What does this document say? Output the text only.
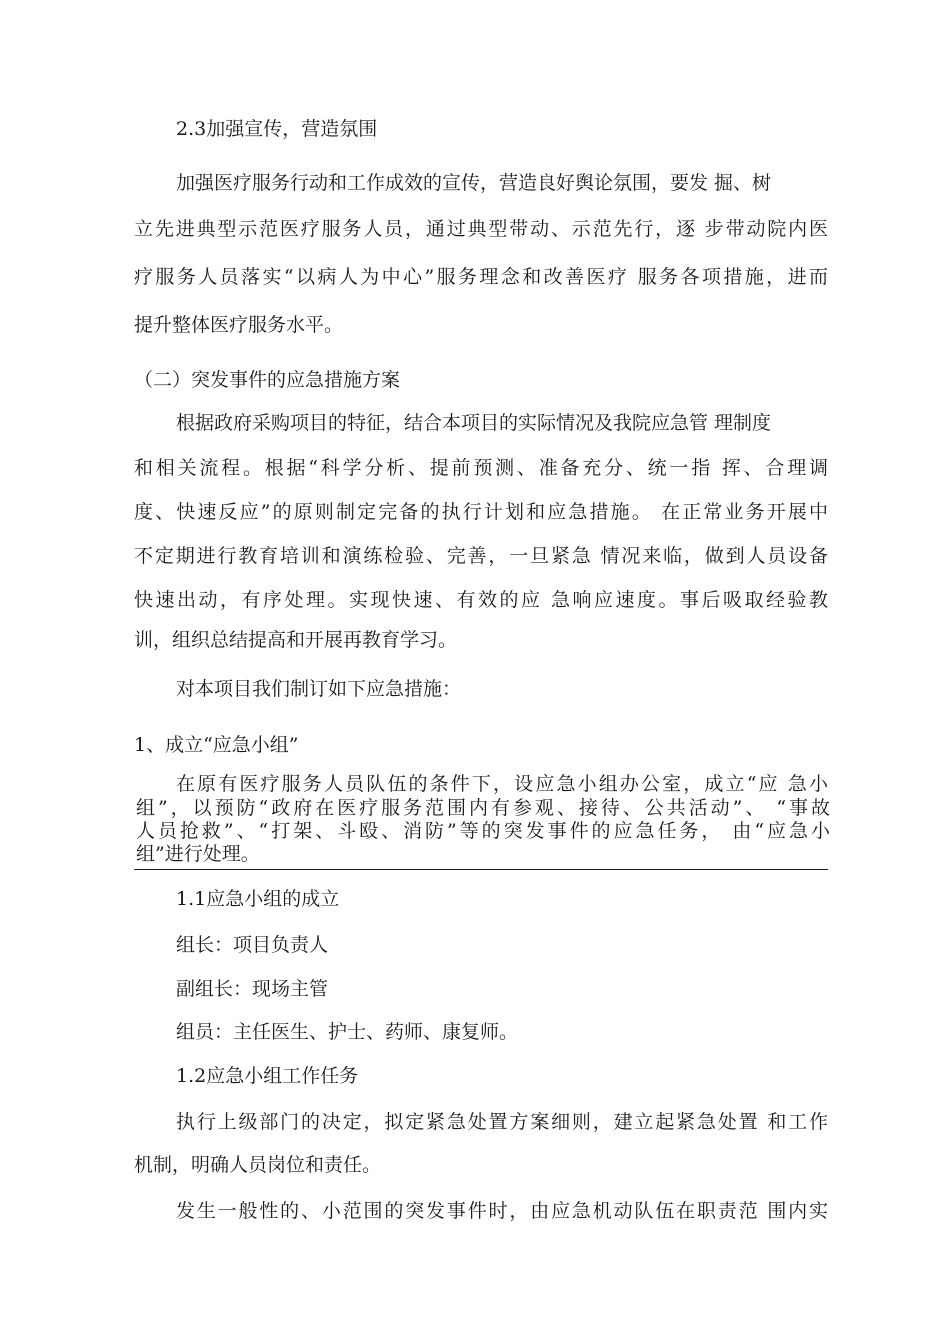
2.3加强宣传，营造氛围
加强医疗服务行动和工作成效的宣传，营造良好舆论氛围，要发 掘、树
立先进典型示范医疗服务人员，通过典型带动、示范先行，逐 步带动院内医
疗服务人员落实“以病人为中心”服务理念和改善医疗 服务各项措施，进而
提升整体医疗服务水平。
（二）突发事件的应急措施方案
根据政府采购项目的特征，结合本项目的实际情况及我院应急管 理制度
和相关流程。根据“科学分析、提前预测、准备充分、统一指 挥、合理调
度、快速反应”的原则制定完备的执行计划和应急措施。 在正常业务开展中
不定期进行教育培训和演练检验、完善，一旦紧急 情况来临，做到人员设备
快速出动，有序处理。实现快速、有效的应 急响应速度。事后吸取经验教
训，组织总结提高和开展再教育学习。
对本项目我们制订如下应急措施：
1、成立“应急小组”
在原有医疗服务人员队伍的条件下，设应急小组办公室，成立“应 急小
组”，以预防“政府在医疗服务范围内有参观、接待、公共活动”、 “事故
人员抢救”、“打架、斗殴、消防”等的突发事件的应急任务， 由“应急小
组”进行处理。
1.1应急小组的成立
组长：项目负责人
副组长：现场主管
组员：主任医生、护士、药师、康复师。
1.2应急小组工作任务
执行上级部门的决定，拟定紧急处置方案细则，建立起紧急处置 和工作
机制，明确人员岗位和责任。
发生一般性的、小范围的突发事件时，由应急机动队伍在职责范 围内实
